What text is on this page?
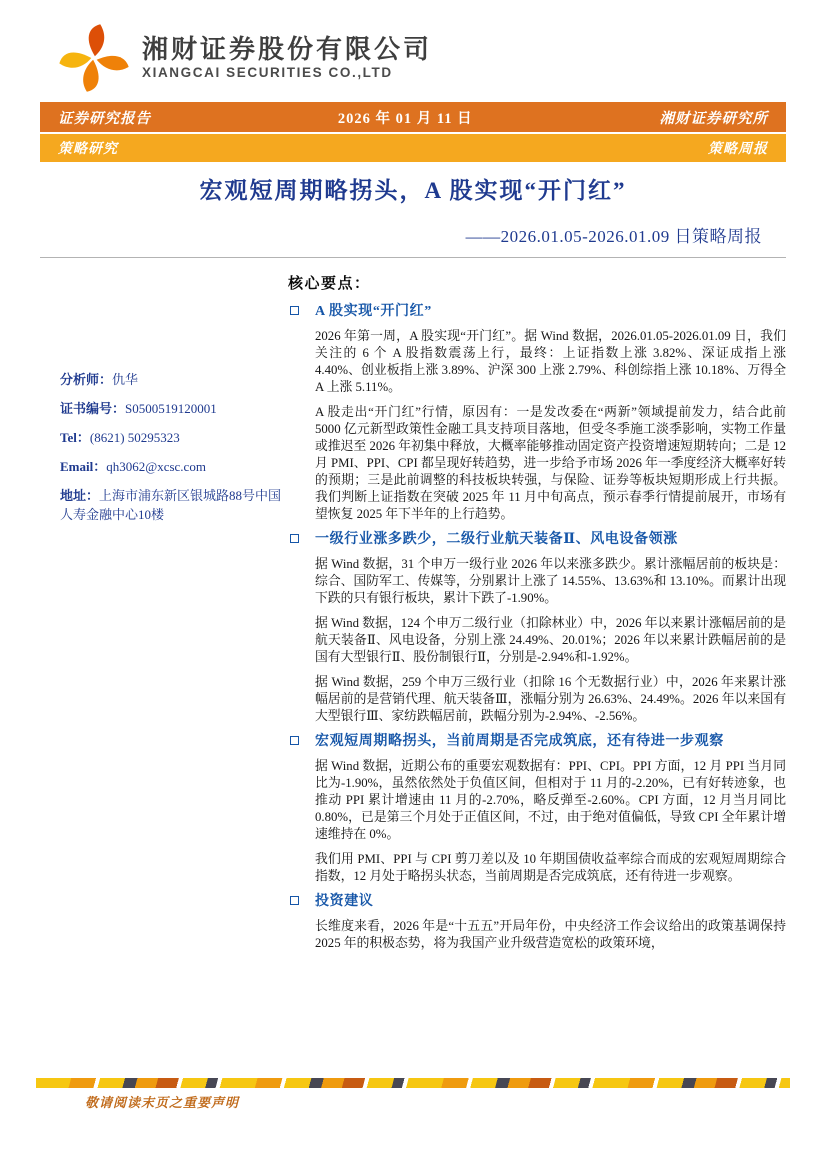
湘财证券股份有限公司
XIANGCAI SECURITIES CO.,LTD
证券研究报告	2026 年 01 月 11 日	湘财证券研究所
策略研究	策略周报
宏观短周期略拐头，A 股实现“开门红”
——2026.01.05-2026.01.09 日策略周报
分析师：仇华
证书编号：S0500519120001
Tel：(8621) 50295323
Email：qh3062@xcsc.com
地址：上海市浦东新区银城路88号中国人寿金融中心10楼
核心要点：
A 股实现“开门红”

2026 年第一周，A 股实现“开门红”。据 Wind 数据，2026.01.05-2026.01.09 日，我们关注的 6 个 A 股指数震荡上行，最终：上证指数上涨 3.82%、深证成指上涨 4.40%、创业板指上涨 3.89%、沪深 300 上涨 2.79%、科创综指上涨 10.18%、万得全 A 上涨 5.11%。

A 股走出“开门红”行情，原因有：一是发改委在“两新”领域提前发力，结合此前 5000 亿元新型政策性金融工具支持项目落地，但受冬季施工淡季影响，实物工作量或推迟至 2026 年初集中释放，大概率能够推动固定资产投资增速短期转向；二是 12 月 PMI、PPI、CPI 都呈现好转趋势，进一步给予市场 2026 年一季度经济大概率好转的预期；三是此前调整的科技板块转强，与保险、证券等板块短期形成上行共振。我们判断上证指数在突破 2025 年 11 月中旬高点，预示春季行情提前展开，市场有望恢复 2025 年下半年的上行趋势。

一级行业涨多跌少，二级行业航天装备Ⅱ、风电设备领涨

据 Wind 数据，31 个申万一级行业 2026 年以来涨多跌少。累计涨幅居前的板块是：综合、国防军工、传媒等，分别累计上涨了 14.55%、13.63%和 13.10%。而累计出现下跌的只有银行板块，累计下跌了-1.90%。

据 Wind 数据，124 个申万二级行业（扣除林业）中，2026 年以来累计涨幅居前的是航天装备Ⅱ、风电设备，分别上涨 24.49%、20.01%；2026 年以来累计跌幅居前的是国有大型银行Ⅱ、股份制银行Ⅱ，分别是-2.94%和-1.92%。

据 Wind 数据，259 个申万三级行业（扣除 16 个无数据行业）中，2026 年来累计涨幅居前的是营销代理、航天装备Ⅲ，涨幅分别为 26.63%、24.49%。2026 年以来国有大型银行Ⅲ、家纺跌幅居前，跌幅分别为-2.94%、-2.56%。

宏观短周期略拐头，当前周期是否完成筑底，还有待进一步观察

据 Wind 数据，近期公布的重要宏观数据有：PPI、CPI。PPI 方面，12 月 PPI 当月同比为-1.90%，虽然依然处于负值区间，但相对于 11 月的-2.20%，已有好转迹象，也推动 PPI 累计增速由 11 月的-2.70%，略反弹至-2.60%。CPI 方面，12 月当月同比 0.80%，已是第三个月处于正值区间，不过，由于绝对值偏低，导致 CPI 全年累计增速维持在 0%。

我们用 PMI、PPI 与 CPI 剪刀差以及 10 年期国债收益率综合而成的宏观短周期综合指数，12 月处于略拐头状态，当前周期是否完成筑底，还有待进一步观察。

投资建议

长维度来看，2026 年是“十五五”开局年份，中央经济工作会议给出的政策基调保持 2025 年的积极态势，将为我国产业升级营造宽松的政策环境，

敬请阅读末页之重要声明
